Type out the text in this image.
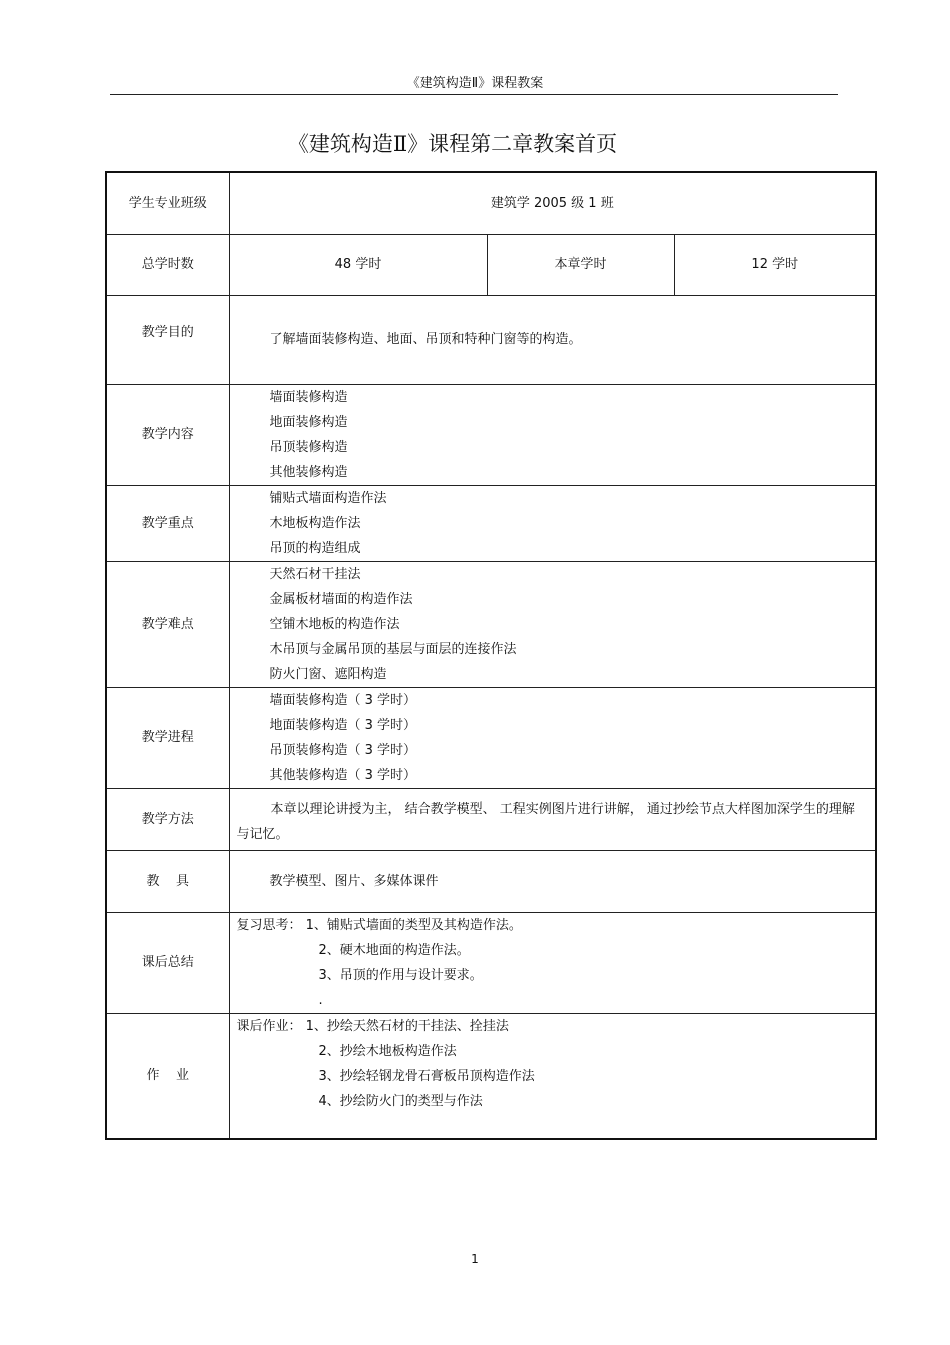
《建筑构造Ⅱ》课程教案
《建筑构造Ⅱ》课程第二章教案首页
学生专业班级	建筑学 2005 级 1 班		
总学时数	48 学时	本章学时	12 学时

教学目的	了解墙面装修构造、地面、吊顶和特种门窗等的构造。		
教学内容	墙面装修构造
地面装修构造
吊顶装修构造
其他装修构造		

教学重点	铺贴式墙面构造作法
木地板构造作法
吊顶的构造组成		

教学难点	天然石材干挂法
金属板材墙面的构造作法
空铺木地板的构造作法
木吊顶与金属吊顶的基层与面层的连接作法
防火门窗、遮阳构造		

教学进程	墙面装修构造（ 3 学时）
地面装修构造（ 3 学时）
吊顶装修构造（ 3 学时）
其他装修构造（ 3 学时）		

教学方法	本章以理论讲授为主， 结合教学模型、 工程实例图片进行讲解， 通过抄绘节点大样图加深学生的理解与记忆。		
教    具	教学模型、图片、多媒体课件		
课后总结	复习思考： 1、铺贴式墙面的类型及其构造作法。
2、硬木地面的构造作法。
3、吊顶的作用与设计要求。
.		

作    业	课后作业： 1、抄绘天然石材的干挂法、拴挂法
2、抄绘木地板构造作法
3、抄绘轻钢龙骨石膏板吊顶构造作法
4、抄绘防火门的类型与作法		
1
